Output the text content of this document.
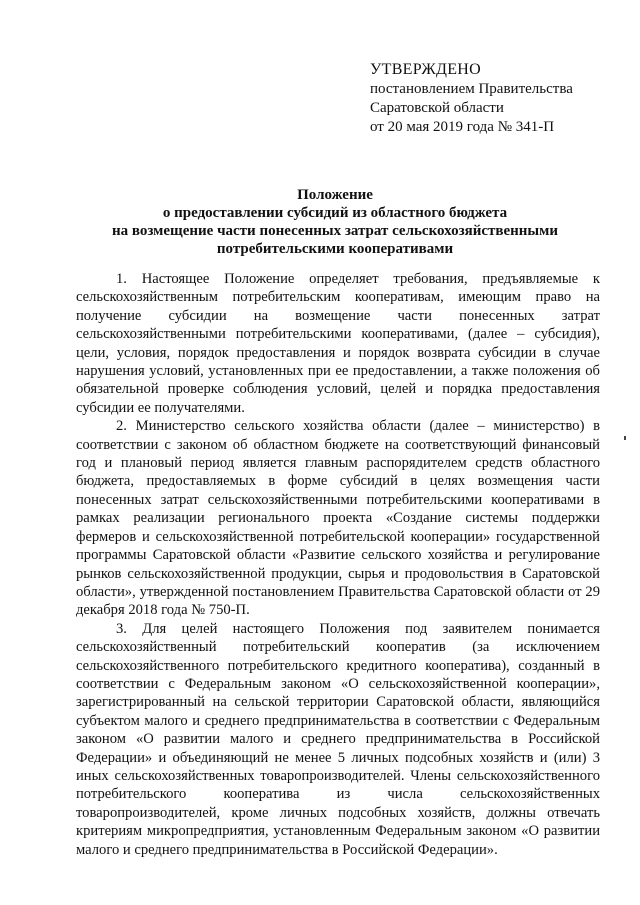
УТВЕРЖДЕНО
постановлением Правительства
Саратовской области
от 20 мая 2019 года № 341-П
Положение
о предоставлении субсидий из областного бюджета
на возмещение части понесенных затрат сельскохозяйственными
потребительскими кооперативами

1. Настоящее Положение определяет требования, предъявляемые к сельскохозяйственным потребительским кооперативам, имеющим право на получение субсидии на возмещение части понесенных затрат сельскохозяйственными потребительскими кооперативами, (далее – субсидия), цели, условия, порядок предоставления и порядок возврата субсидии в случае нарушения условий, установленных при ее предоставлении, а также положения об обязательной проверке соблюдения условий, целей и порядка предоставления субсидии ее получателями.

2. Министерство сельского хозяйства области (далее – министерство) в соответствии с законом об областном бюджете на соответствующий финансовый год и плановый период является главным распорядителем средств областного бюджета, предоставляемых в форме субсидий в целях возмещения части понесенных затрат сельскохозяйственными потребительскими кооперативами в рамках реализации регионального проекта «Создание системы поддержки фермеров и сельскохозяйственной потребительской кооперации» государственной программы Саратовской области «Развитие сельского хозяйства и регулирование рынков сельскохозяйственной продукции, сырья и продовольствия в Саратовской области», утвержденной постановлением Правительства Саратовской области от 29 декабря 2018 года № 750-П.

3. Для целей настоящего Положения под заявителем понимается сельскохозяйственный потребительский кооператив (за исключением сельскохозяйственного потребительского кредитного кооператива), созданный в соответствии с Федеральным законом «О сельскохозяйственной кооперации», зарегистрированный на сельской территории Саратовской области, являющийся субъектом малого и среднего предпринимательства в соответствии с Федеральным законом «О развитии малого и среднего предпринимательства в Российской Федерации» и объединяющий не менее 5 личных подсобных хозяйств и (или) 3 иных сельскохозяйственных товаропроизводителей. Члены сельскохозяйственного потребительского кооператива из числа сельскохозяйственных товаропроизводителей, кроме личных подсобных хозяйств, должны отвечать критериям микропредприятия, установленным Федеральным законом «О развитии малого и среднего предпринимательства в Российской Федерации».
